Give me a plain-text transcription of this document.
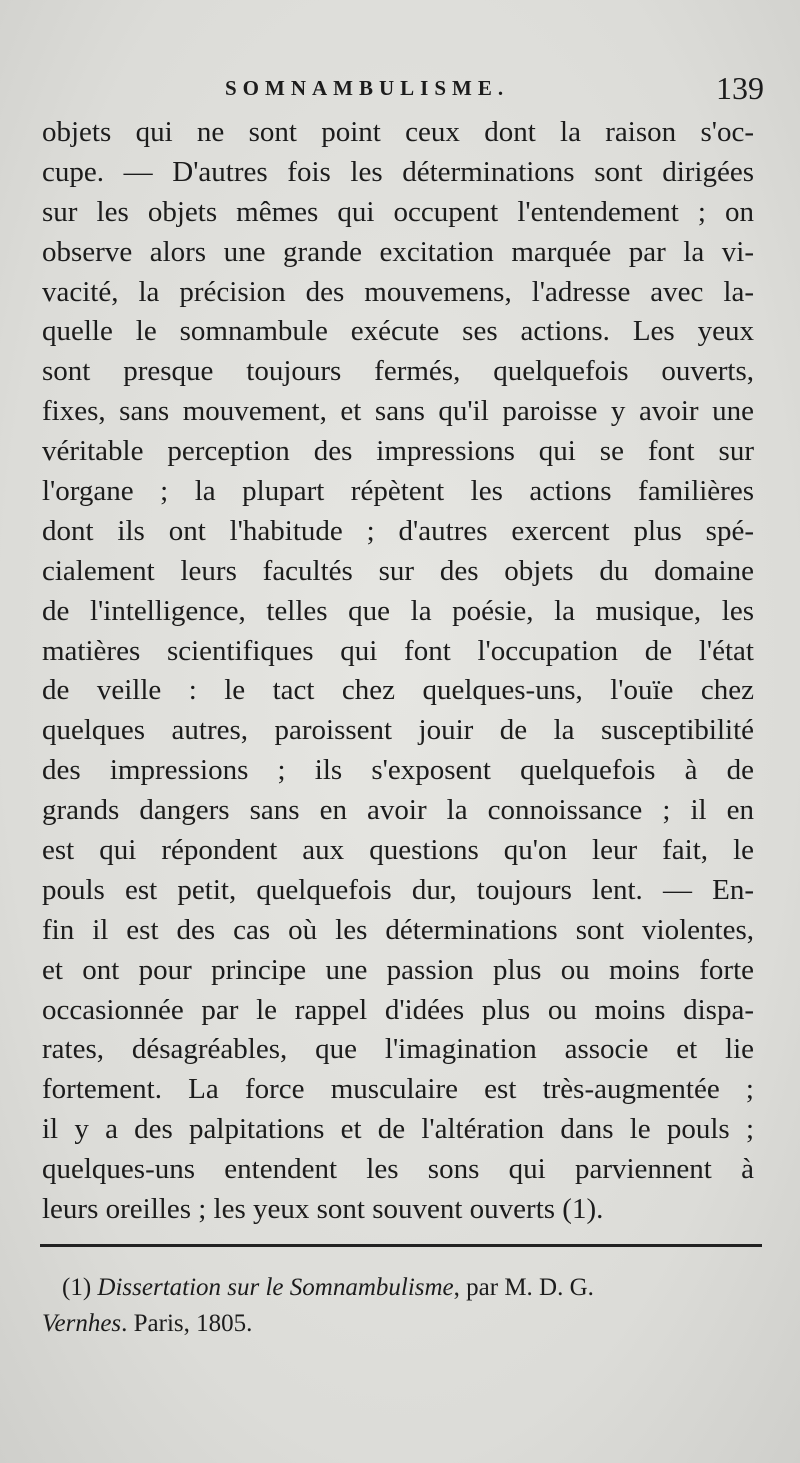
SOMNAMBULISME.	139
objets qui ne sont point ceux dont la raison s'oc-
cupe. — D'autres fois les déterminations sont dirigées
sur les objets mêmes qui occupent l'entendement ; on
observe alors une grande excitation marquée par la vi-
vacité, la précision des mouvemens, l'adresse avec la-
quelle le somnambule exécute ses actions. Les yeux
sont presque toujours fermés, quelquefois ouverts,
fixes, sans mouvement, et sans qu'il paroisse y avoir une
véritable perception des impressions qui se font sur
l'organe ; la plupart répètent les actions familières
dont ils ont l'habitude ; d'autres exercent plus spé-
cialement leurs facultés sur des objets du domaine
de l'intelligence, telles que la poésie, la musique, les
matières scientifiques qui font l'occupation de l'état
de veille : le tact chez quelques-uns, l'ouïe chez
quelques autres, paroissent jouir de la susceptibilité
des impressions ; ils s'exposent quelquefois à de
grands dangers sans en avoir la connoissance ; il en
est qui répondent aux questions qu'on leur fait, le
pouls est petit, quelquefois dur, toujours lent. — En-
fin il est des cas où les déterminations sont violentes,
et ont pour principe une passion plus ou moins forte
occasionnée par le rappel d'idées plus ou moins dispa-
rates, désagréables, que l'imagination associe et lie
fortement. La force musculaire est très-augmentée ;
il y a des palpitations et de l'altération dans le pouls ;
quelques-uns entendent les sons qui parviennent à
leurs oreilles ; les yeux sont souvent ouverts (1).
(1) Dissertation sur le Somnambulisme, par M. D. G.
Vernhes. Paris, 1805.
